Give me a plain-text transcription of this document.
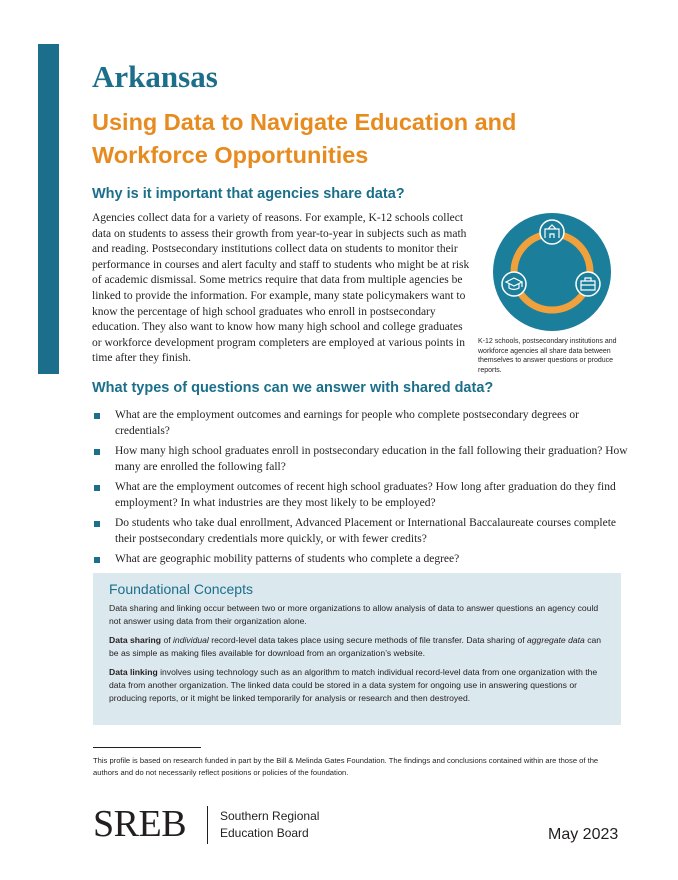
Arkansas
Using Data to Navigate Education and Workforce Opportunities
Why is it important that agencies share data?

Agencies collect data for a variety of reasons. For example, K-12 schools collect data on students to assess their growth from year-to-year in subjects such as math and reading. Postsecondary institutions collect data on students to monitor their performance in courses and alert faculty and staff to students who might be at risk of academic dismissal. Some metrics require that data from multiple agencies be linked to provide the information. For example, many state policymakers want to know the percentage of high school graduates who enroll in postsecondary education. They also want to know how many high school and college graduates or workforce development program completers are employed at various points in time after they finish.

K-12 schools, postsecondary institutions and workforce agencies all share data between themselves to answer questions or produce reports.

What types of questions can we answer with shared data?
What are the employment outcomes and earnings for people who complete postsecondary degrees or credentials?
How many high school graduates enroll in postsecondary education in the fall following their graduation? How many are enrolled the following fall?
What are the employment outcomes of recent high school graduates? How long after graduation do they find employment? In what industries are they most likely to be employed?
Do students who take dual enrollment, Advanced Placement or International Baccalaureate courses complete their postsecondary credentials more quickly, or with fewer credits?
What are geographic mobility patterns of students who complete a degree?
Foundational Concepts

Data sharing and linking occur between two or more organizations to allow analysis of data to answer questions an agency could not answer using data from their organization alone.

Data sharing of individual record-level data takes place using secure methods of file transfer. Data sharing of aggregate data can be as simple as making files available for download from an organization’s website.

Data linking involves using technology such as an algorithm to match individual record-level data from one organization with the data from another organization. The linked data could be stored in a data system for ongoing use in answering questions or producing reports, or it might be linked temporarily for analysis or research and then destroyed.

This profile is based on research funded in part by the Bill & Melinda Gates Foundation. The findings and conclusions contained within are those of the authors and do not necessarily reflect positions or policies of the foundation.

SREB	Southern Regional
Education Board	May 2023
